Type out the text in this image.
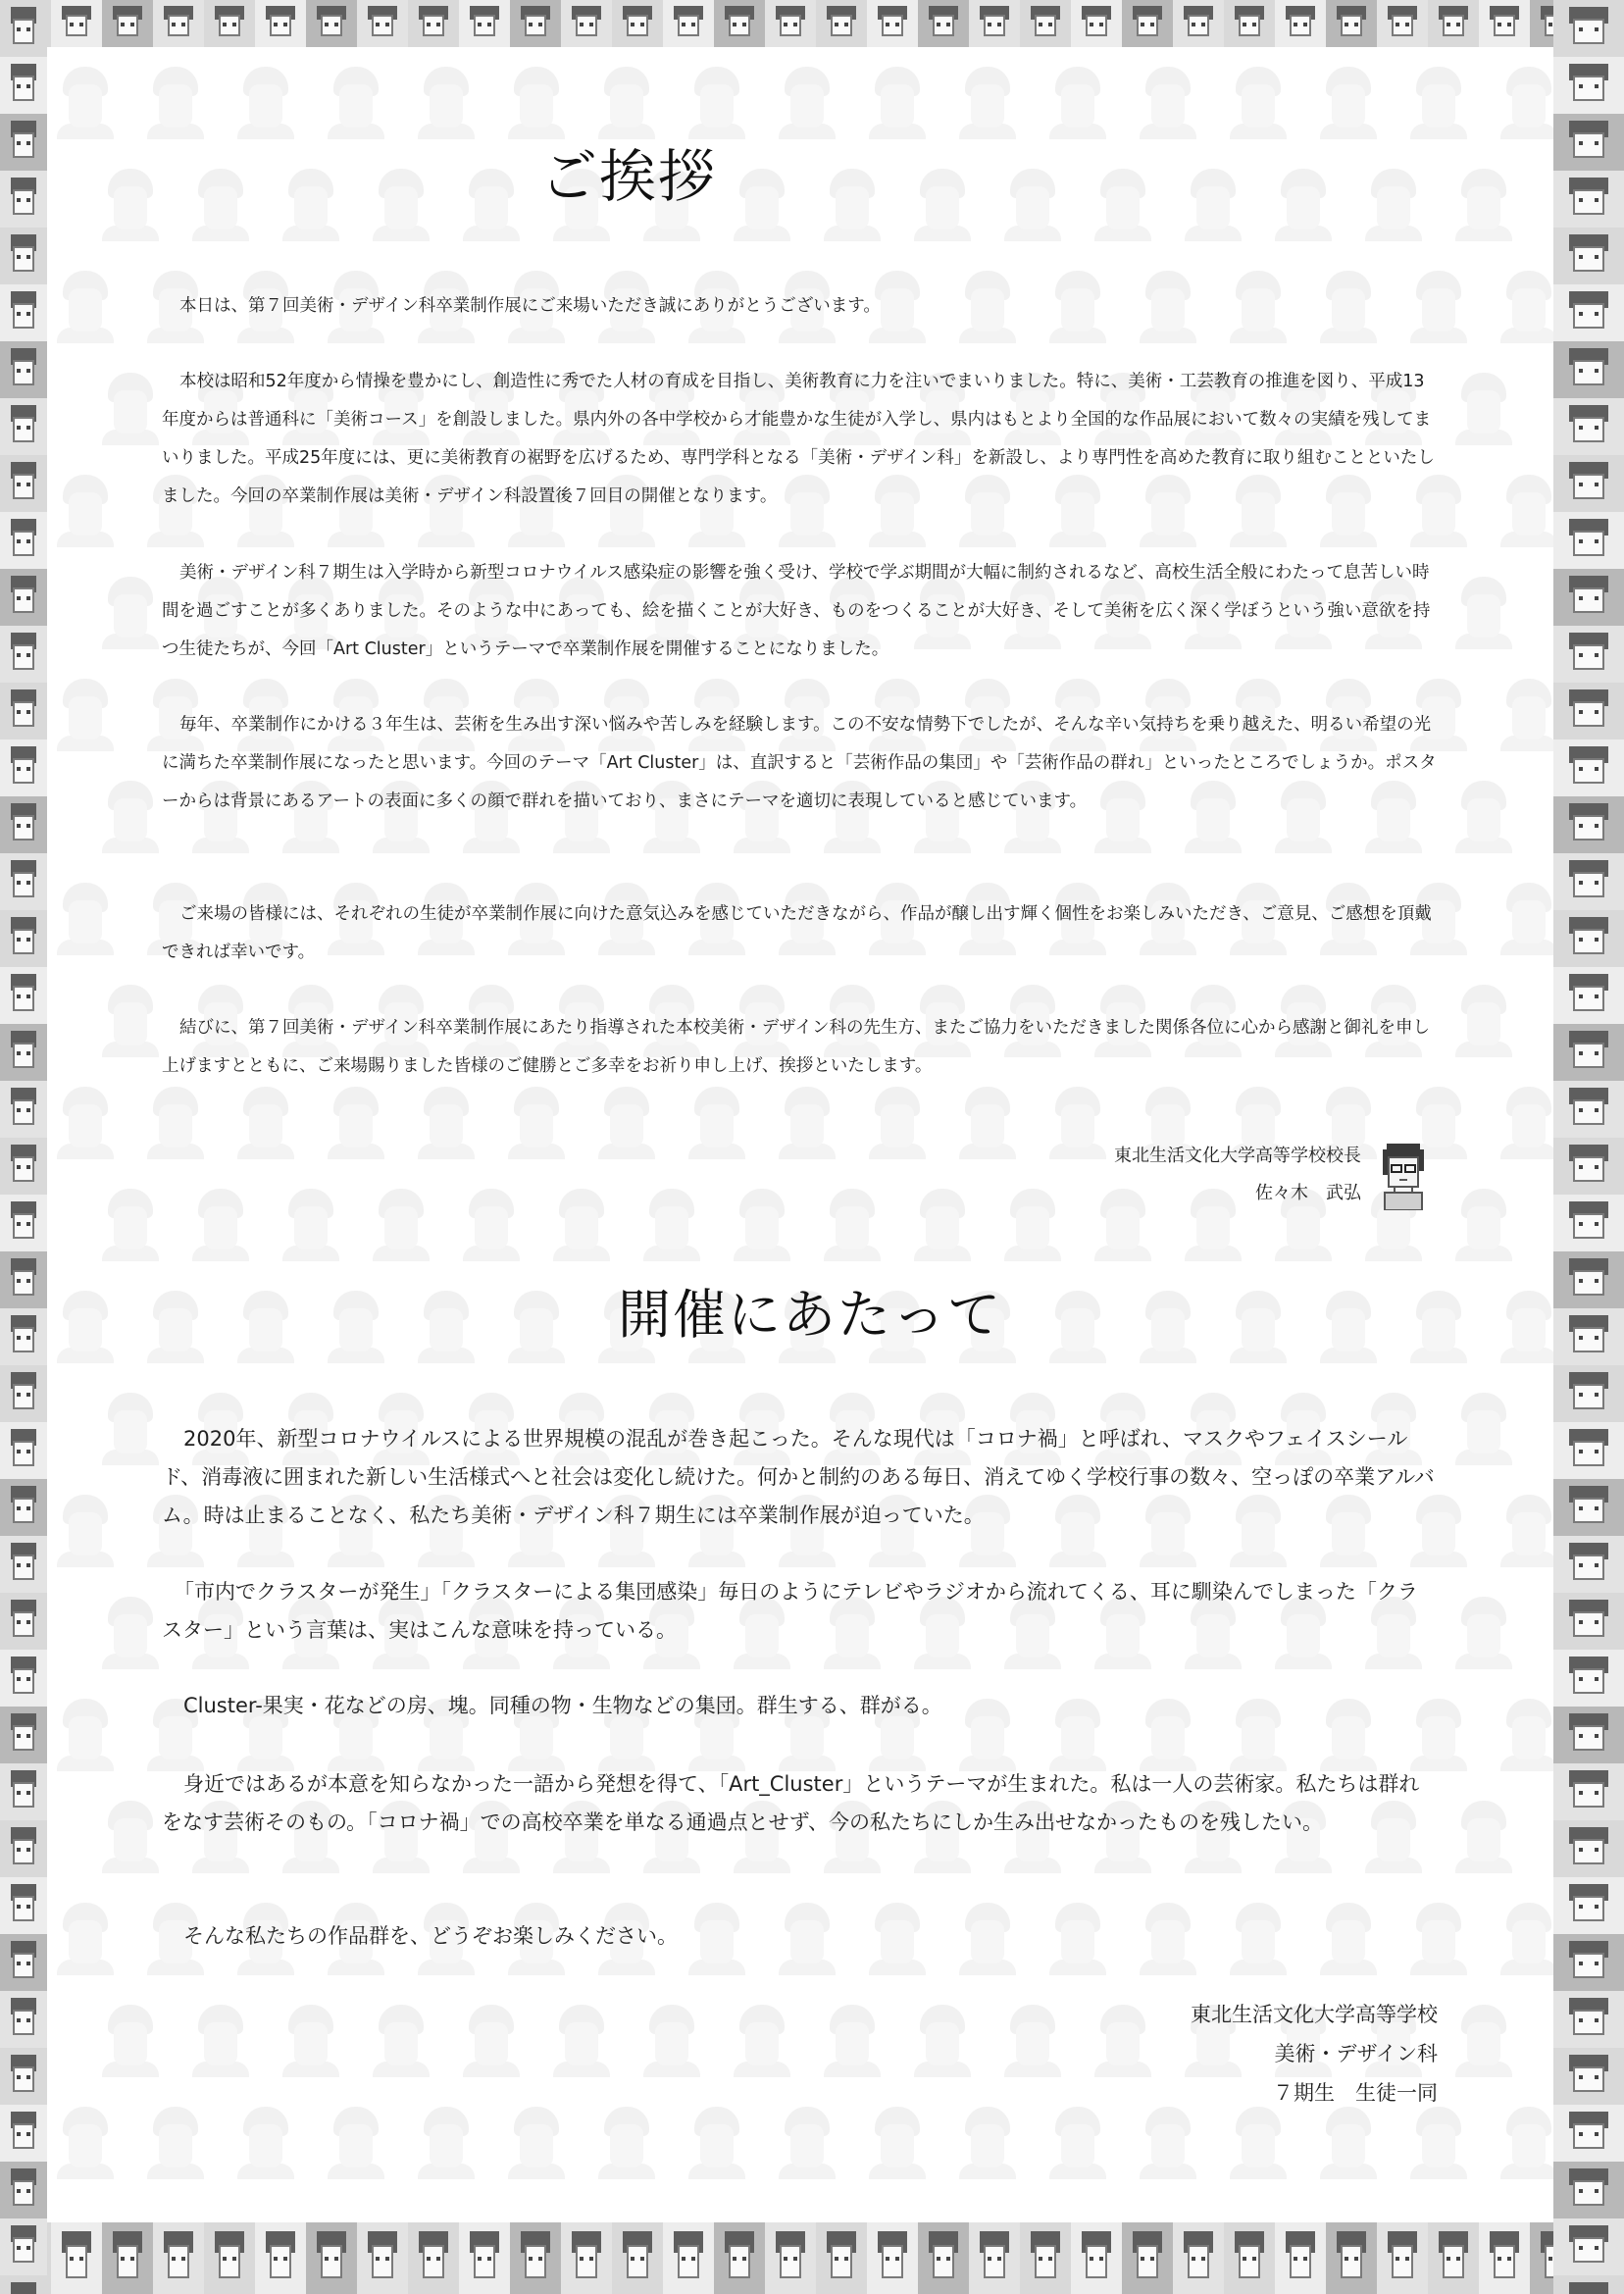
ご挨拶

本日は、第７回美術・デザイン科卒業制作展にご来場いただき誠にありがとうございます。

本校は昭和52年度から情操を豊かにし、創造性に秀でた人材の育成を目指し、美術教育に力を注いでまいりました。特に、美術・工芸教育の推進を図り、平成13年度からは普通科に「美術コース」を創設しました。県内外の各中学校から才能豊かな生徒が入学し、県内はもとより全国的な作品展において数々の実績を残してまいりました。平成25年度には、更に美術教育の裾野を広げるため、専門学科となる「美術・デザイン科」を新設し、より専門性を高めた教育に取り組むことといたしました。今回の卒業制作展は美術・デザイン科設置後７回目の開催となります。

美術・デザイン科７期生は入学時から新型コロナウイルス感染症の影響を強く受け、学校で学ぶ期間が大幅に制約されるなど、高校生活全般にわたって息苦しい時間を過ごすことが多くありました。そのような中にあっても、絵を描くことが大好き、ものをつくることが大好き、そして美術を広く深く学ぼうという強い意欲を持つ生徒たちが、今回「Art Cluster」というテーマで卒業制作展を開催することになりました。

毎年、卒業制作にかける３年生は、芸術を生み出す深い悩みや苦しみを経験します。この不安な情勢下でしたが、そんな辛い気持ちを乗り越えた、明るい希望の光に満ちた卒業制作展になったと思います。今回のテーマ「Art Cluster」は、直訳すると「芸術作品の集団」や「芸術作品の群れ」といったところでしょうか。ポスターからは背景にあるアートの表面に多くの顔で群れを描いており、まさにテーマを適切に表現していると感じています。

ご来場の皆様には、それぞれの生徒が卒業制作展に向けた意気込みを感じていただきながら、作品が醸し出す輝く個性をお楽しみいただき、ご意見、ご感想を頂戴できれば幸いです。

結びに、第７回美術・デザイン科卒業制作展にあたり指導された本校美術・デザイン科の先生方、またご協力をいただきました関係各位に心から感謝と御礼を申し上げますとともに、ご来場賜りました皆様のご健勝とご多幸をお祈り申し上げ、挨拶といたします。

東北生活文化大学高等学校校長
佐々木　武弘
開催にあたって

2020年、新型コロナウイルスによる世界規模の混乱が巻き起こった。そんな現代は「コロナ禍」と呼ばれ、マスクやフェイスシールド、消毒液に囲まれた新しい生活様式へと社会は変化し続けた。何かと制約のある毎日、消えてゆく学校行事の数々、空っぽの卒業アルバム。時は止まることなく、私たち美術・デザイン科７期生には卒業制作展が迫っていた。

「市内でクラスターが発生」「クラスターによる集団感染」毎日のようにテレビやラジオから流れてくる、耳に馴染んでしまった「クラスター」という言葉は、実はこんな意味を持っている。

Cluster-果実・花などの房、塊。同種の物・生物などの集団。群生する、群がる。

身近ではあるが本意を知らなかった一語から発想を得て、「Art_Cluster」というテーマが生まれた。私は一人の芸術家。私たちは群れをなす芸術そのもの。「コロナ禍」での高校卒業を単なる通過点とせず、今の私たちにしか生み出せなかったものを残したい。

そんな私たちの作品群を、どうぞお楽しみください。

東北生活文化大学高等学校
美術・デザイン科
７期生　生徒一同
